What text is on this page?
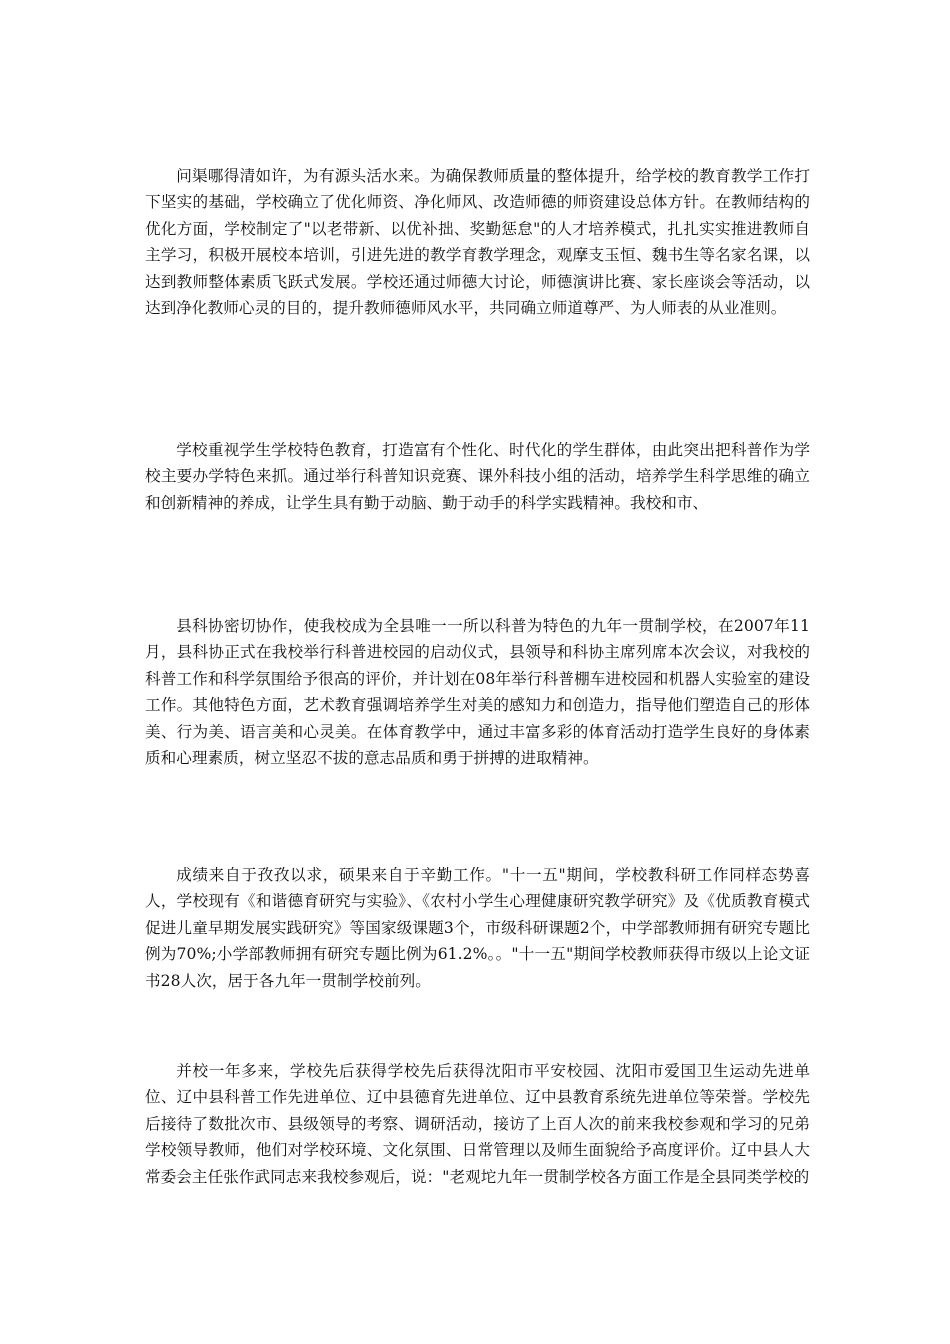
问渠哪得清如许，为有源头活水来。为确保教师质量的整体提升，给学校的教育教学工作打下坚实的基础，学校确立了优化师资、净化师风、改造师德的师资建设总体方针。在教师结构的优化方面，学校制定了"以老带新、以优补拙、奖勤惩怠"的人才培养模式，扎扎实实推进教师自主学习，积极开展校本培训，引进先进的教学育教学理念，观摩支玉恒、魏书生等名家名课，以达到教师整体素质飞跃式发展。学校还通过师德大讨论，师德演讲比赛、家长座谈会等活动，以达到净化教师心灵的目的，提升教师德师风水平，共同确立师道尊严、为人师表的从业准则。

学校重视学生学校特色教育，打造富有个性化、时代化的学生群体，由此突出把科普作为学校主要办学特色来抓。通过举行科普知识竞赛、课外科技小组的活动，培养学生科学思维的确立和创新精神的养成，让学生具有勤于动脑、勤于动手的科学实践精神。我校和市、

县科协密切协作，使我校成为全县唯一一所以科普为特色的九年一贯制学校，在2007年11月，县科协正式在我校举行科普进校园的启动仪式，县领导和科协主席列席本次会议，对我校的科普工作和科学氛围给予很高的评价，并计划在08年举行科普棚车进校园和机器人实验室的建设工作。其他特色方面，艺术教育强调培养学生对美的感知力和创造力，指导他们塑造自己的形体美、行为美、语言美和心灵美。在体育教学中，通过丰富多彩的体育活动打造学生良好的身体素质和心理素质，树立坚忍不拔的意志品质和勇于拼搏的进取精神。

成绩来自于孜孜以求，硕果来自于辛勤工作。"十一五"期间，学校教科研工作同样态势喜人，学校现有《和谐德育研究与实验》、《农村小学生心理健康研究教学研究》及《优质教育模式促进儿童早期发展实践研究》等国家级课题3个，市级科研课题2个，中学部教师拥有研究专题比例为70%;小学部教师拥有研究专题比例为61.2%。。"十一五"期间学校教师获得市级以上论文证书28人次，居于各九年一贯制学校前列。

并校一年多来，学校先后获得学校先后获得沈阳市平安校园、沈阳市爱国卫生运动先进单位、辽中县科普工作先进单位、辽中县德育先进单位、辽中县教育系统先进单位等荣誉。学校先后接待了数批次市、县级领导的考察、调研活动，接访了上百人次的前来我校参观和学习的兄弟学校领导教师，他们对学校环境、文化氛围、日常管理以及师生面貌给予高度评价。辽中县人大常委会主任张作武同志来我校参观后，说："老观坨九年一贯制学校各方面工作是全县同类学校的
